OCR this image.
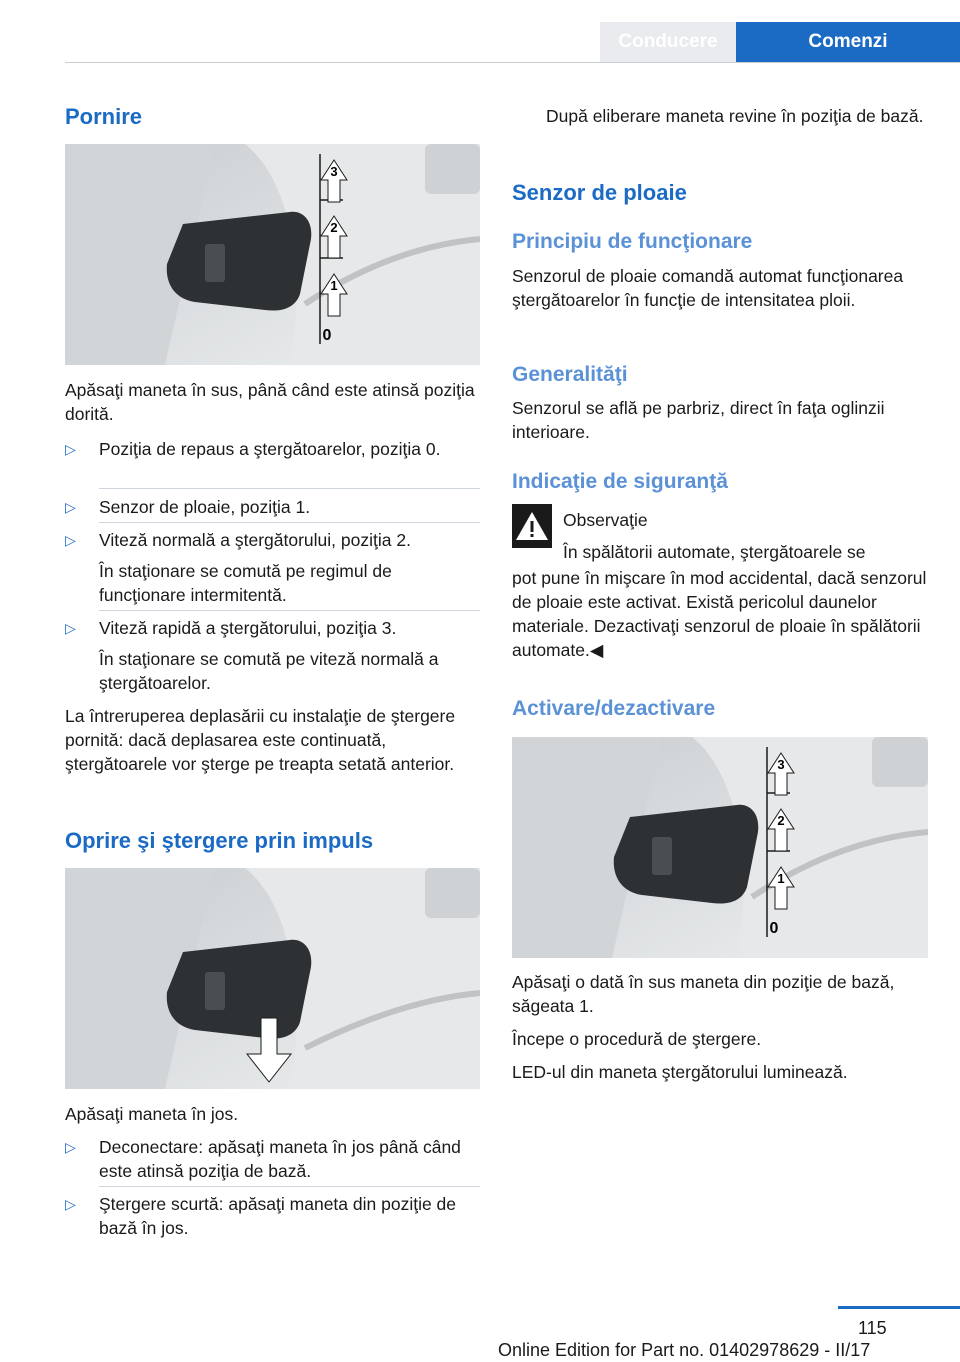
Conducere	Comenzi
Pornire
3
2
1
0
Apăsaţi maneta în sus, până când este atinsă poziţia dorită.
▷ Poziţia de repaus a ştergătoarelor, poziţia 0.
▷ Senzor de ploaie, poziţia 1.
▷ Viteză normală a ştergătorului, poziţia 2.
În staţionare se comută pe regimul de funcţionare intermitentă.
▷ Viteză rapidă a ştergătorului, poziţia 3.
În staţionare se comută pe viteză normală a ştergătoarelor.
La întreruperea deplasării cu instalaţie de ştergere pornită: dacă deplasarea este continuată, ştergătoarele vor şterge pe treapta setată anterior.
Oprire şi ştergere prin impuls
Apăsaţi maneta în jos.
▷ Deconectare: apăsaţi maneta în jos până când este atinsă poziţia de bază.
▷ Ştergere scurtă: apăsaţi maneta din poziţie de bază în jos.
După eliberare maneta revine în poziţia de bază.
Senzor de ploaie
Principiu de funcţionare
Senzorul de ploaie comandă automat funcţionarea ştergătoarelor în funcţie de intensitatea ploii.
Generalităţi
Senzorul se află pe parbriz, direct în faţa oglinzii interioare.
Indicaţie de siguranţă
Observaţie
În spălătorii automate, ştergătoarele se
pot pune în mişcare în mod accidental, dacă senzorul de ploaie este activat. Există pericolul daunelor materiale. Dezactivaţi senzorul de ploaie în spălătorii automate.◀
Activare/dezactivare
3
2
1
0
Apăsaţi o dată în sus maneta din poziţie de bază, săgeata 1.
Începe o procedură de ştergere.
LED-ul din maneta ştergătorului luminează.
115
Online Edition for Part no. 01402978629 - II/17
